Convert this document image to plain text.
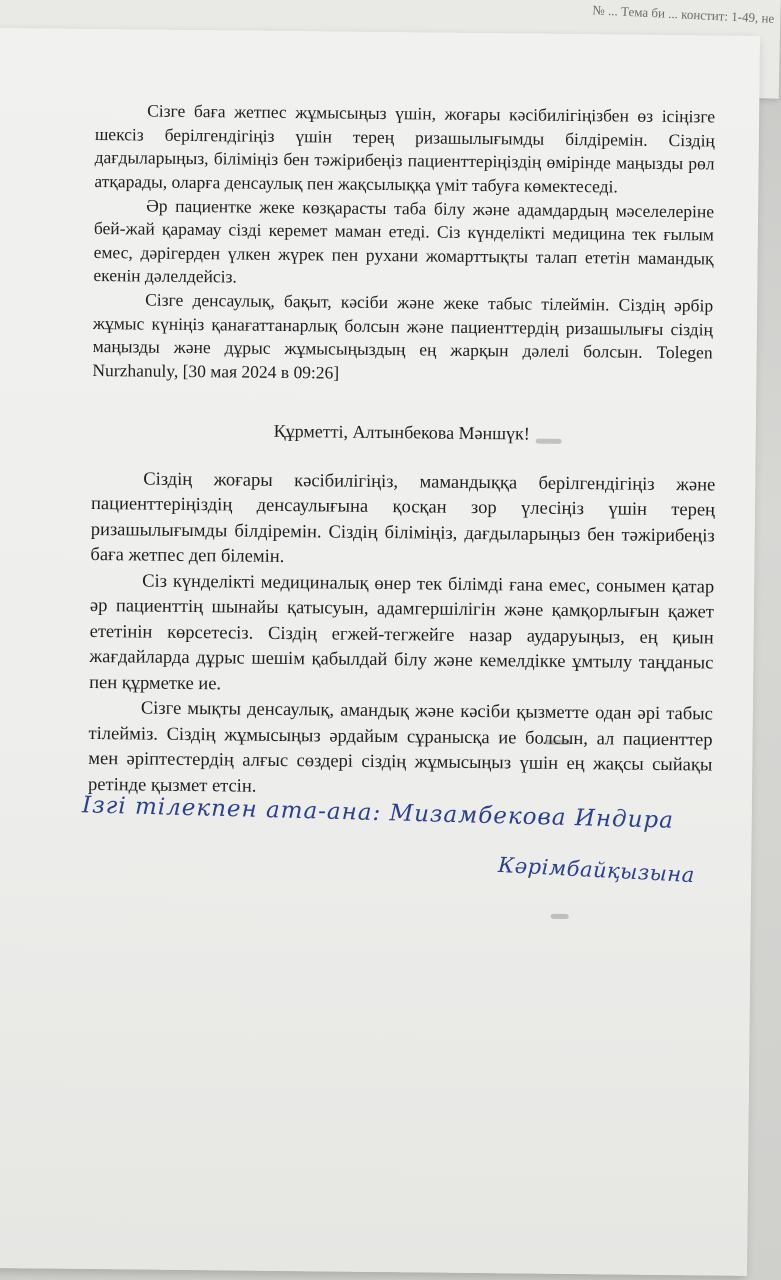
№ ... Тема би ... констит: 1-49, не

Сізге баға жетпес жұмысыңыз үшін, жоғары кәсібилігіңізбен өз ісіңізге шексіз берілгендігіңіз үшін терең ризашылығымды білдіремін. Сіздің дағдыларыңыз, біліміңіз бен тәжірибеңіз пациенттеріңіздің өмірінде маңызды рөл атқарады, оларға денсаулық пен жақсылыққа үміт табуға көмектеседі.

Әр пациентке жеке көзқарасты таба білу және адамдардың мәселелеріне бей-жай қарамау сізді керемет маман етеді. Сіз күнделікті медицина тек ғылым емес, дәрігерден үлкен жүрек пен рухани жомарттықты талап ететін мамандық екенін дәлелдейсіз.

Сізге денсаулық, бақыт, кәсіби және жеке табыс тілеймін. Сіздің әрбір жұмыс күніңіз қанағаттанарлық болсын және пациенттердің ризашылығы сіздің маңызды және дұрыс жұмысыңыздың ең жарқын дәлелі болсын. Tolegen Nurzhanuly, [30 мая 2024 в 09:26]

Құрметті, Алтынбекова Мәншүк!

Сіздің жоғары кәсібилігіңіз, мамандыққа берілгендігіңіз және пациенттеріңіздің денсаулығына қосқан зор үлесіңіз үшін терең ризашылығымды білдіремін. Сіздің біліміңіз, дағдыларыңыз бен тәжірибеңіз баға жетпес деп білемін.

Сіз күнделікті медициналық өнер тек білімді ғана емес, сонымен қатар әр пациенттің шынайы қатысуын, адамгершілігін және қамқорлығын қажет ететінін көрсетесіз. Сіздің егжей-тегжейге назар аударуыңыз, ең қиын жағдайларда дұрыс шешім қабылдай білу және кемелдікке ұмтылу таңданыс пен құрметке ие.

Сізге мықты денсаулық, амандық және кәсіби қызметте одан әрі табыс тілейміз. Сіздің жұмысыңыз әрдайым сұранысқа ие болсын, ал пациенттер мен әріптестердің алғыс сөздері сіздің жұмысыңыз үшін ең жақсы сыйақы ретінде қызмет етсін.

Ізгі тілекпен ата-ана: Мизамбекова Индира
Кәрімбайқызына
